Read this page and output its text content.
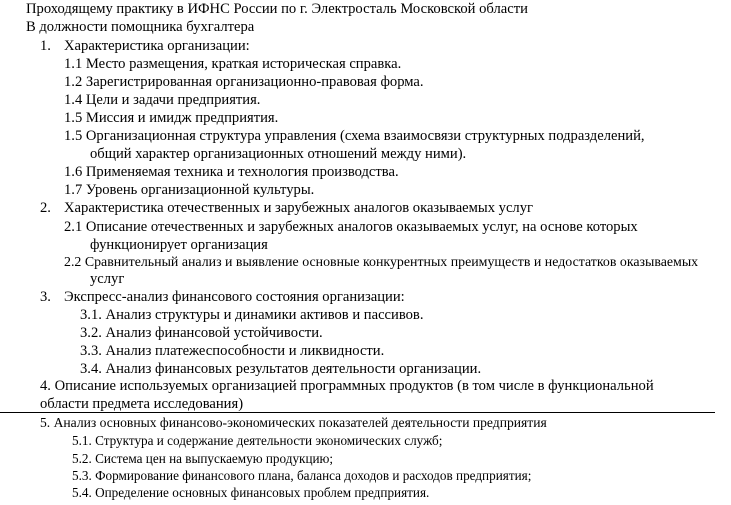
Проходящему практику в ИФНС России по г. Электросталь Московской области
В должности помощника бухгалтера
1. Характеристика организации:
1.1 Место размещения, краткая историческая справка.
1.2 Зарегистрированная организационно-правовая форма.
1.4 Цели и задачи предприятия.
1.5 Миссия и имидж предприятия.
1.5 Организационная структура управления (схема взаимосвязи структурных подразделений,
общий характер организационных отношений между ними).
1.6 Применяемая техника и технология производства.
1.7 Уровень организационной культуры.
2. Характеристика отечественных и зарубежных аналогов оказываемых услуг
2.1 Описание отечественных и зарубежных аналогов оказываемых услуг, на основе которых
функционирует организация
2.2 Сравнительный анализ и выявление основные конкурентных преимуществ и недостатков оказываемых
услуг
3. Экспресс-анализ финансового состояния организации:
3.1. Анализ структуры и динамики активов и пассивов.
3.2. Анализ финансовой устойчивости.
3.3. Анализ платежеспособности и ликвидности.
3.4. Анализ финансовых результатов деятельности организации.
4. Описание используемых организацией программных продуктов (в том числе в функциональной
области предмета исследования)
5. Анализ основных финансово-экономических показателей деятельности предприятия
5.1. Структура и содержание деятельности экономических служб;
5.2. Система цен на выпускаемую продукцию;
5.3. Формирование финансового плана, баланса доходов и расходов предприятия;
5.4. Определение основных финансовых проблем предприятия.
